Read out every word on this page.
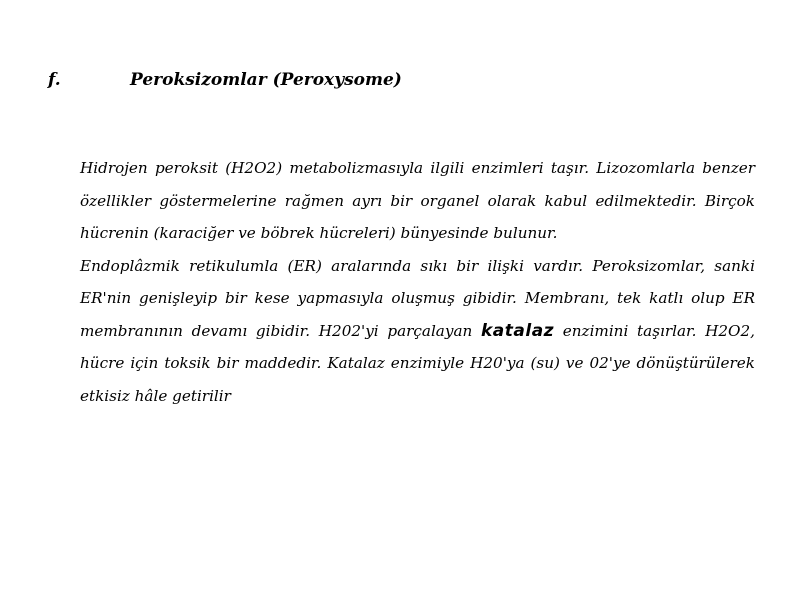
f.	Peroksizomlar (Peroxysome)

Hidrojen peroksit (H2O2) metabolizmasıyla ilgili enzimleri taşır. Lizozomlarla benzer özellikler göstermelerine rağmen ayrı bir organel olarak kabul edilmektedir. Birçok hücrenin (karaciğer ve böbrek hücreleri) bünyesinde bulunur.

Endoplâzmik retikulumla (ER) aralarında sıkı bir ilişki vardır. Peroksizomlar, sanki ER'nin genişleyip bir kese yapmasıyla oluşmuş gibidir. Membranı, tek katlı olup ER membranının devamı gibidir. H202'yi parçalayan katalaz enzimini taşırlar. H2O2, hücre için toksik bir maddedir. Katalaz enzimiyle H20'ya (su) ve 02'ye dönüştürülerek etkisiz hâle getirilir
